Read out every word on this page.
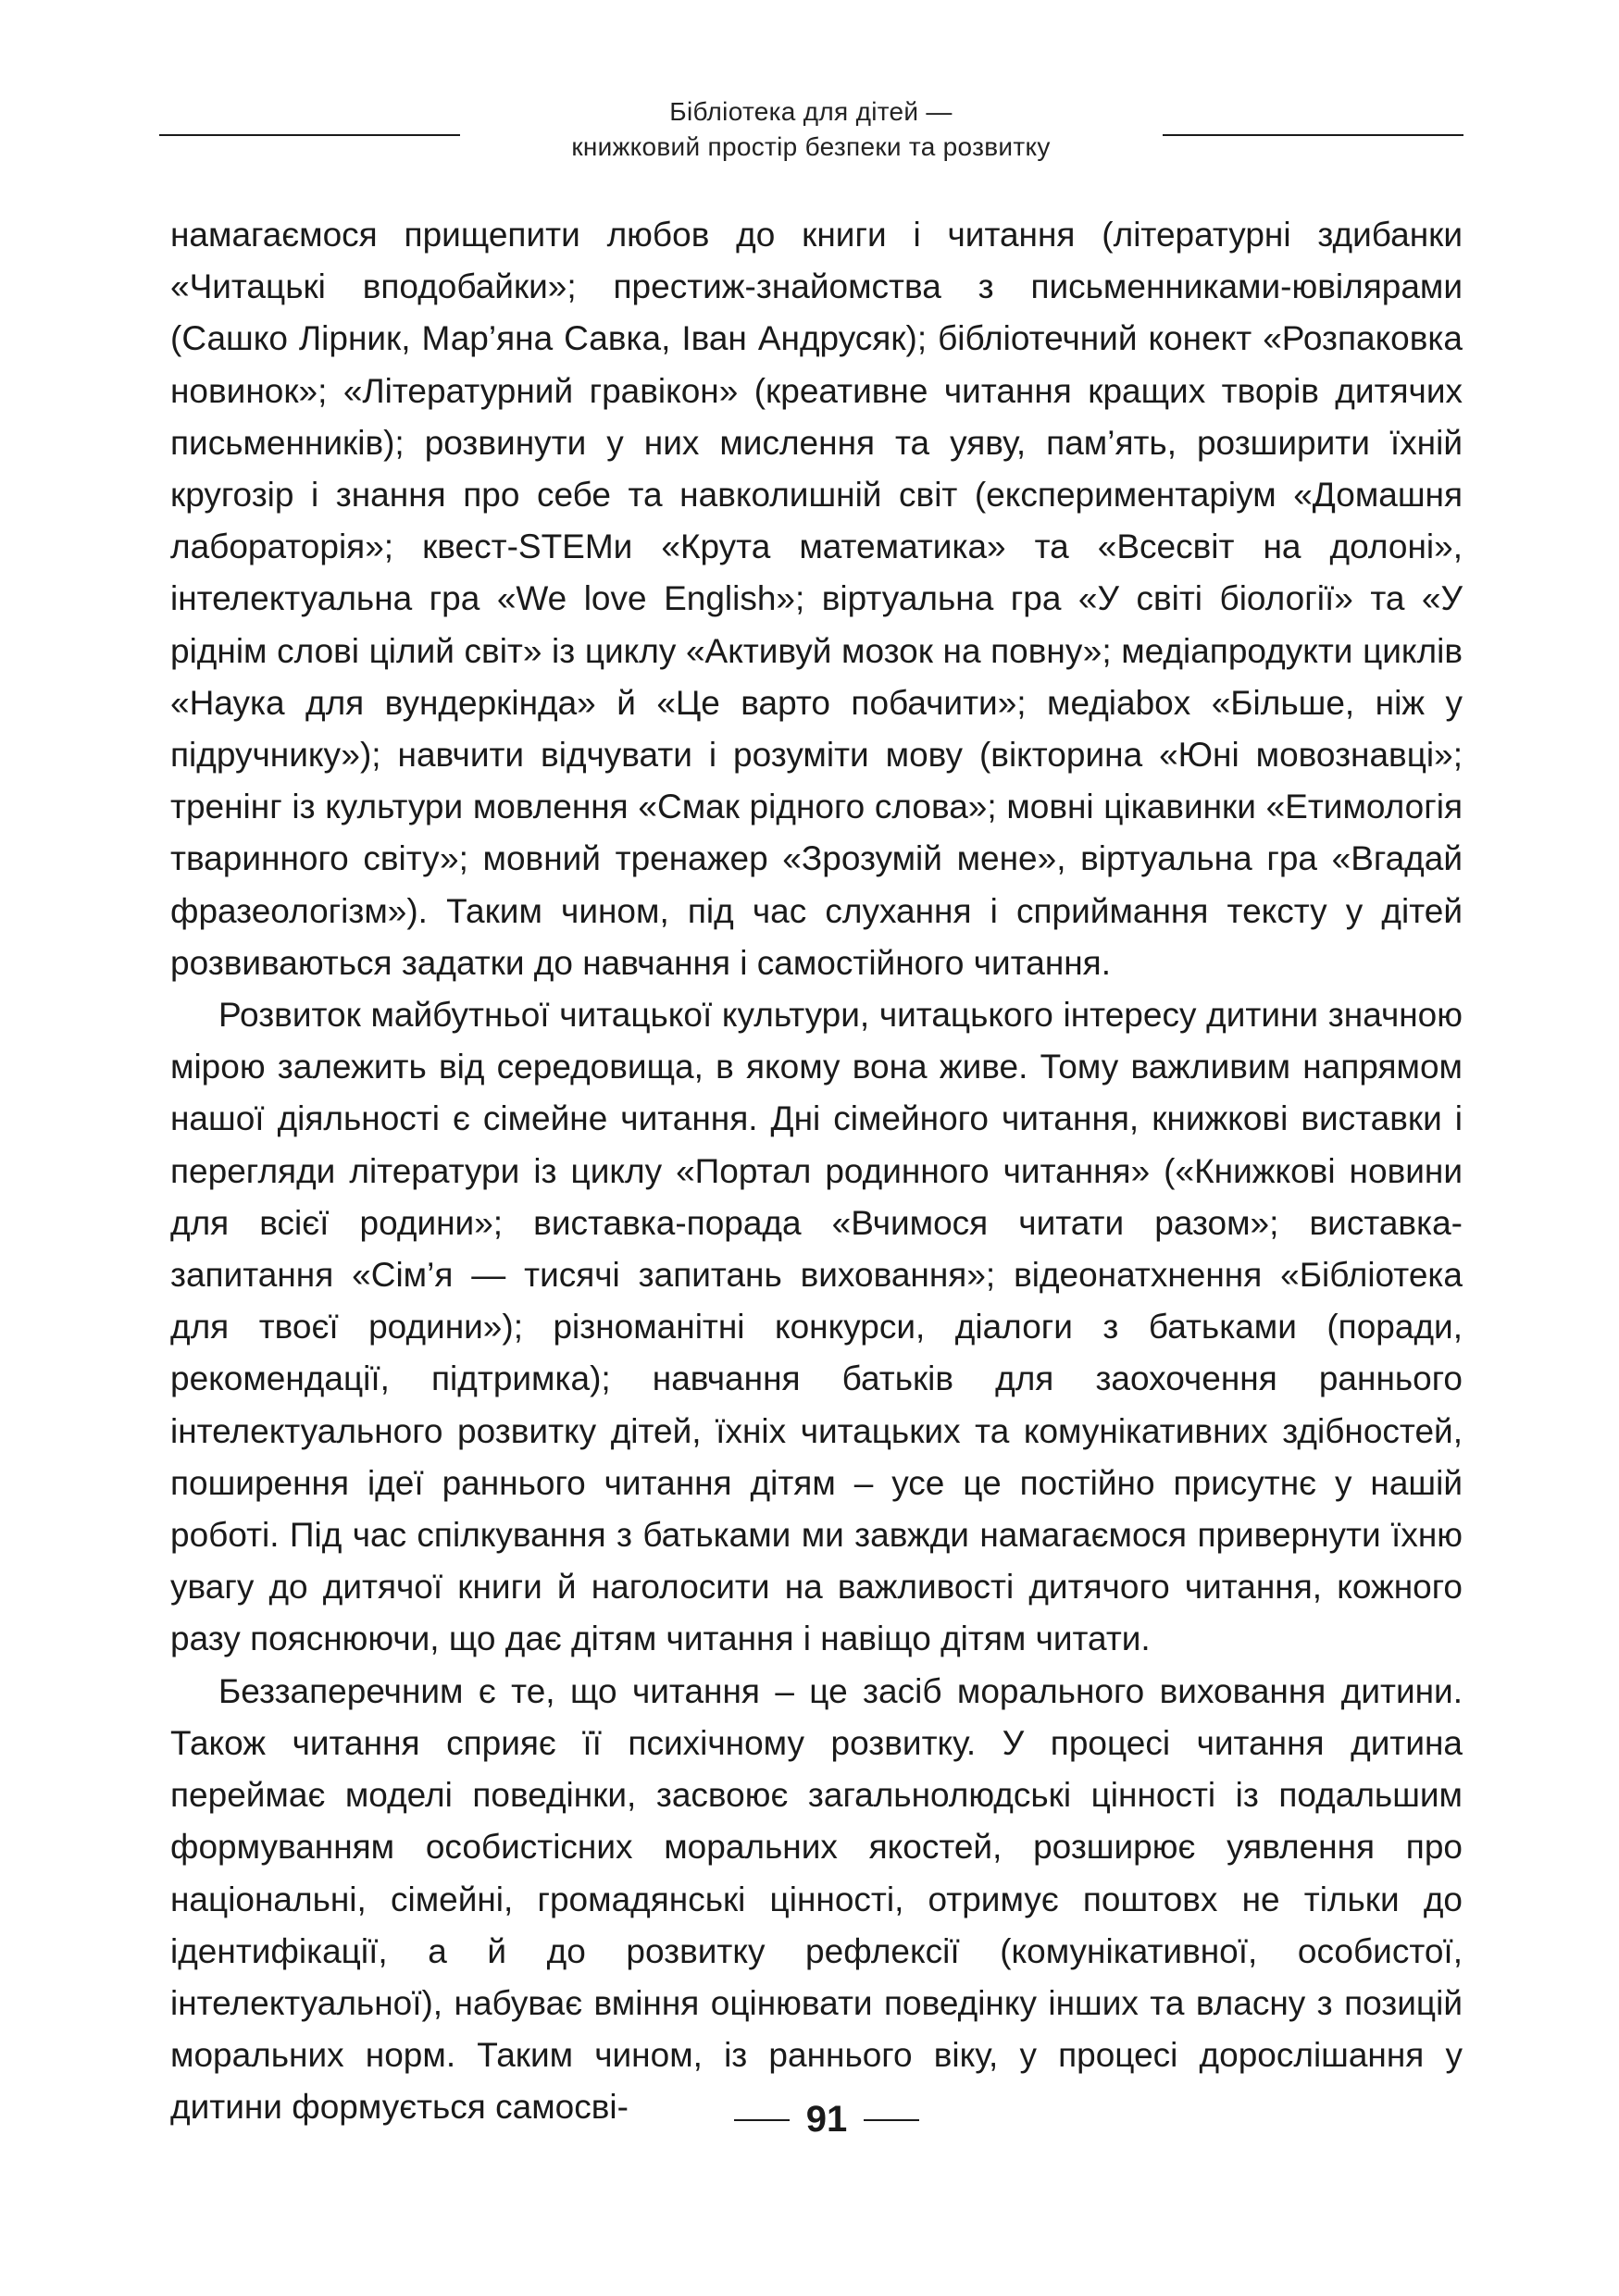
Бібліотека для дітей —
книжковий простір безпеки та розвитку

намагаємося прищепити любов до книги і читання (літературні здибанки «Читацькі вподобайки»; престиж-знайомства з письменниками-ювілярами (Сашко Лірник, Мар’яна Савка, Іван Андрусяк); бібліотечний конект «Розпаковка новинок»; «Літературний гравікон» (креативне читання кращих творів дитячих письменників); розвинути у них мислення та уяву, пам’ять, розширити їхній кругозір і знання про себе та навколишній світ (експериментаріум «Домашня лабораторія»; квест-STEMи «Крута математика» та «Всесвіт на долоні», інтелектуальна гра «We love English»; віртуальна гра «У світі біології» та «У ріднім слові цілий світ» із циклу «Активуй мозок на повну»; медіапродукти циклів «Наука для вундеркінда» й «Це варто побачити»; медіаbox «Більше, ніж у підручнику»); навчити відчувати і розуміти мову (вікторина «Юні мовознавці»; тренінг із культури мовлення «Смак рідного слова»; мовні цікавинки «Етимологія тваринного світу»; мовний тренажер «Зрозумій мене», віртуальна гра «Вгадай фразеологізм»). Таким чином, під час слухання і сприймання тексту у дітей розвиваються задатки до навчання і самостійного читання.

Розвиток майбутньої читацької культури, читацького інтересу дитини значною мірою залежить від середовища, в якому вона живе. Тому важливим напрямом нашої діяльності є сімейне читання. Дні сімейного читання, книжкові виставки і перегляди літератури із циклу «Портал родинного читання» («Книжкові новини для всієї родини»; виставка-порада «Вчимося читати разом»; виставка-запитання «Сім’я — тисячі запитань виховання»; відеонатхнення «Бібліотека для твоєї родини»); різноманітні конкурси, діалоги з батьками (поради, рекомендації, підтримка); навчання батьків для заохочення раннього інтелектуального розвитку дітей, їхніх читацьких та комунікативних здібностей, поширення ідеї раннього читання дітям – усе це постійно присутнє у нашій роботі. Під час спілкування з батьками ми завжди намагаємося привернути їхню увагу до дитячої книги й наголосити на важливості дитячого читання, кожного разу пояснюючи, що дає дітям читання і навіщо дітям читати.

Беззаперечним є те, що читання – це засіб морального виховання дитини. Також читання сприяє її психічному розвитку. У процесі читання дитина переймає моделі поведінки, засвоює загальнолюдські цінності із подальшим формуванням особистісних моральних якостей, розширює уявлення про національні, сімейні, громадянські цінності, отримує поштовх не тільки до ідентифікації, а й до розвитку рефлексії (комунікативної, особистої, інтелектуальної), набуває вміння оцінювати поведінку інших та власну з позицій моральних норм. Таким чином, із раннього віку, у процесі дорослішання у дитини формується самосві-	91
